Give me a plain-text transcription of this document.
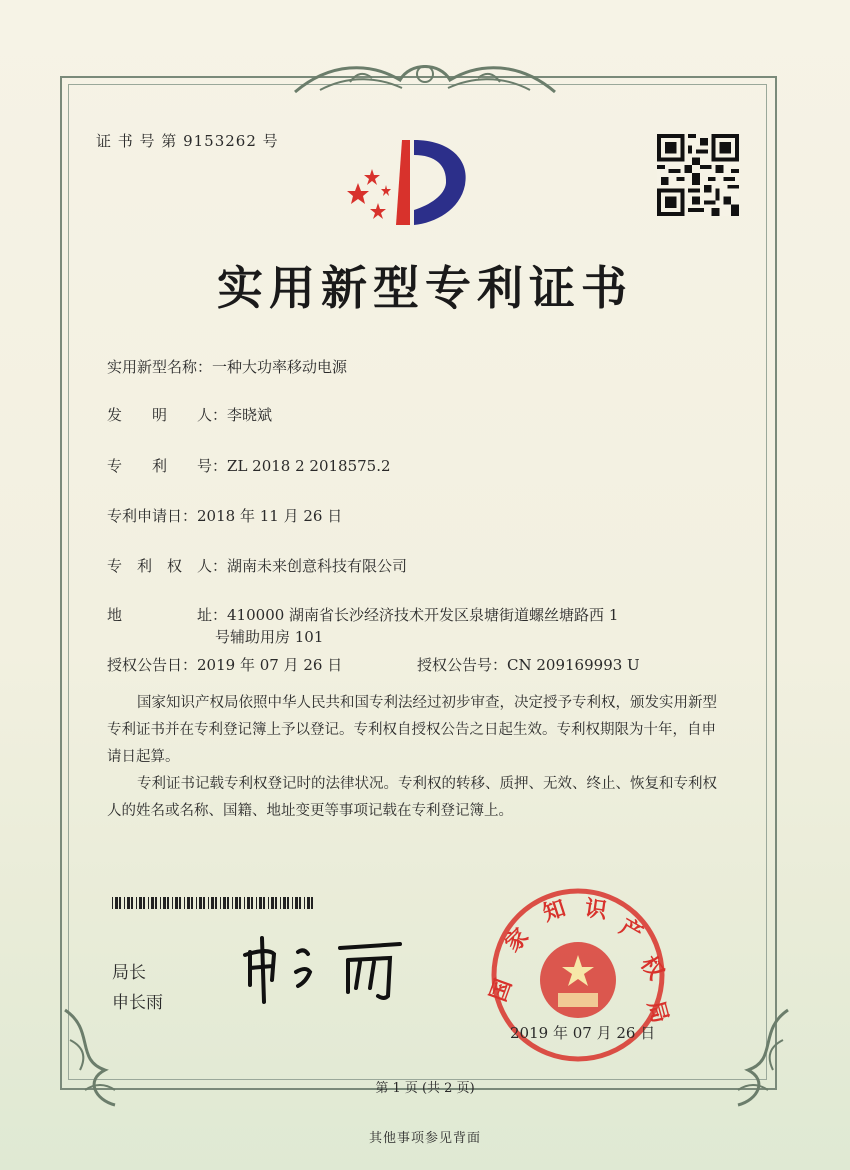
证 书 号 第 9153262 号
实用新型专利证书
实用新型名称：一种大功率移动电源
发　　明　　人：李晓斌
专　　利　　号：ZL 2018 2 2018575.2
专利申请日：2018 年 11 月 26 日
专　利　权　人：湖南未来创意科技有限公司
地　　　　　址：410000 湖南省长沙经济技术开发区泉塘街道螺丝塘路西 1
号辅助用房 101
授权公告日：2019 年 07 月 26 日	授权公告号：CN 209169993 U

国家知识产权局依照中华人民共和国专利法经过初步审查，决定授予专利权，颁发实用新型专利证书并在专利登记簿上予以登记。专利权自授权公告之日起生效。专利权期限为十年，自申请日起算。

专利证书记载专利权登记时的法律状况。专利权的转移、质押、无效、终止、恢复和专利权人的姓名或名称、国籍、地址变更等事项记载在专利登记簿上。

局长
申长雨	国
家
知 识
产
权
局
2019 年 07 月 26 日
第 1 页 (共 2 页)
其他事项参见背面
